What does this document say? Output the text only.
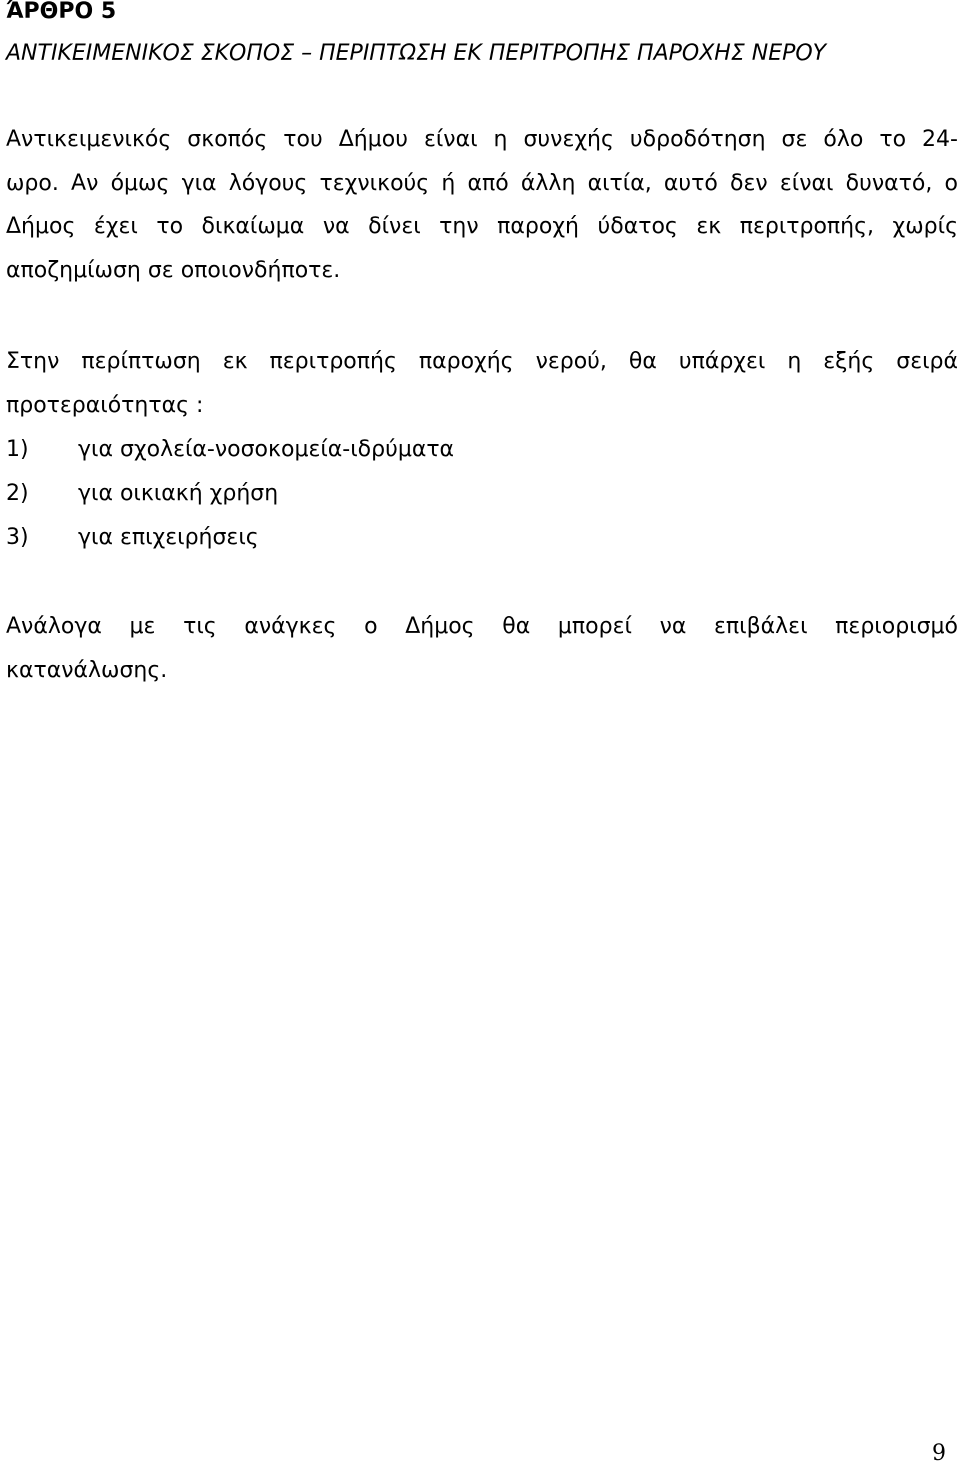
ΆΡΘΡΟ 5

ΑΝΤΙΚΕΙΜΕΝΙΚΟΣ ΣΚΟΠΟΣ – ΠΕΡΙΠΤΩΣΗ ΕΚ ΠΕΡΙΤΡΟΠΗΣ ΠΑΡΟΧΗΣ ΝΕΡΟΥ

Αντικειμενικός σκοπός του Δήμου είναι η συνεχής υδροδότηση σε όλο το 24-
ωρο. Αν όμως για λόγους τεχνικούς ή από άλλη αιτία, αυτό δεν είναι δυνατό, ο
Δήμος έχει το δικαίωμα να δίνει την παροχή ύδατος εκ περιτροπής, χωρίς
αποζημίωση σε οποιονδήποτε.

Στην περίπτωση εκ περιτροπής παροχής νερού, θα υπάρχει η εξής σειρά
προτεραιότητας :

1)	για σχολεία-νοσοκομεία-ιδρύματα
2)	για οικιακή χρήση
3)	για επιχειρήσεις

Ανάλογα με τις ανάγκες ο Δήμος θα μπορεί να επιβάλει περιορισμό
κατανάλωσης.

9
